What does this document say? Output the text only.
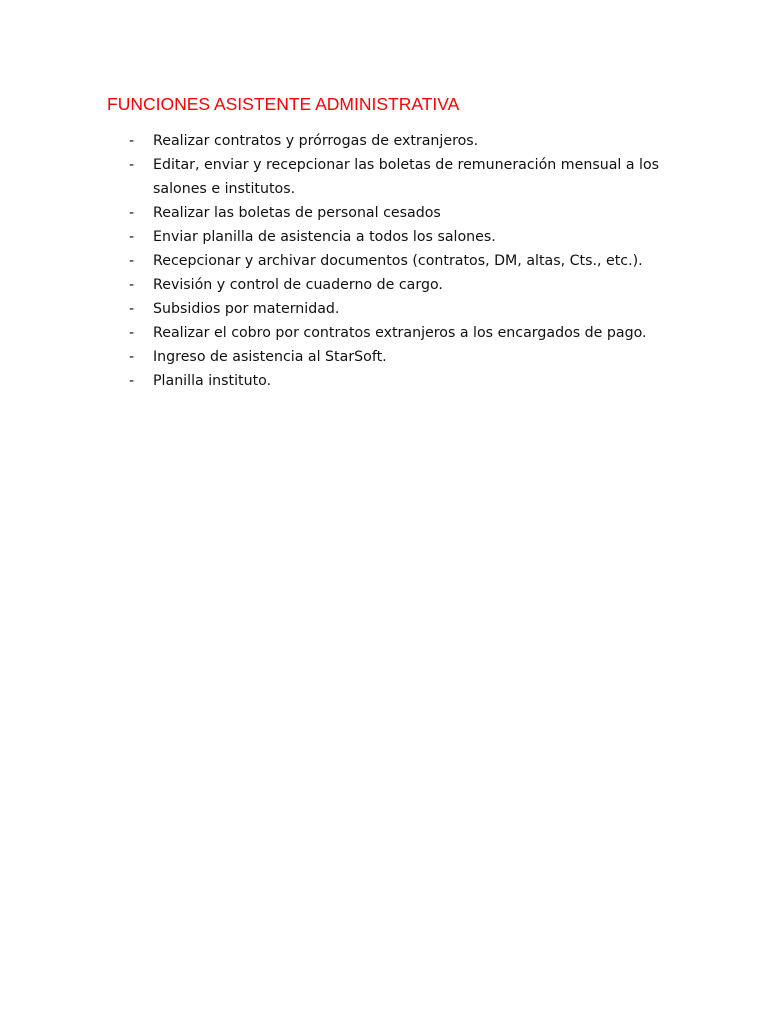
FUNCIONES ASISTENTE ADMINISTRATIVA
- Realizar contratos y prórrogas de extranjeros.
- Editar, enviar y recepcionar las boletas de remuneración mensual a los salones e institutos.
- Realizar las boletas de personal cesados
- Enviar planilla de asistencia a todos los salones.
- Recepcionar y archivar documentos (contratos, DM, altas, Cts., etc.).
- Revisión y control de cuaderno de cargo.
- Subsidios por maternidad.
- Realizar el cobro por contratos extranjeros a los encargados de pago.
- Ingreso de asistencia al StarSoft.
- Planilla instituto.
